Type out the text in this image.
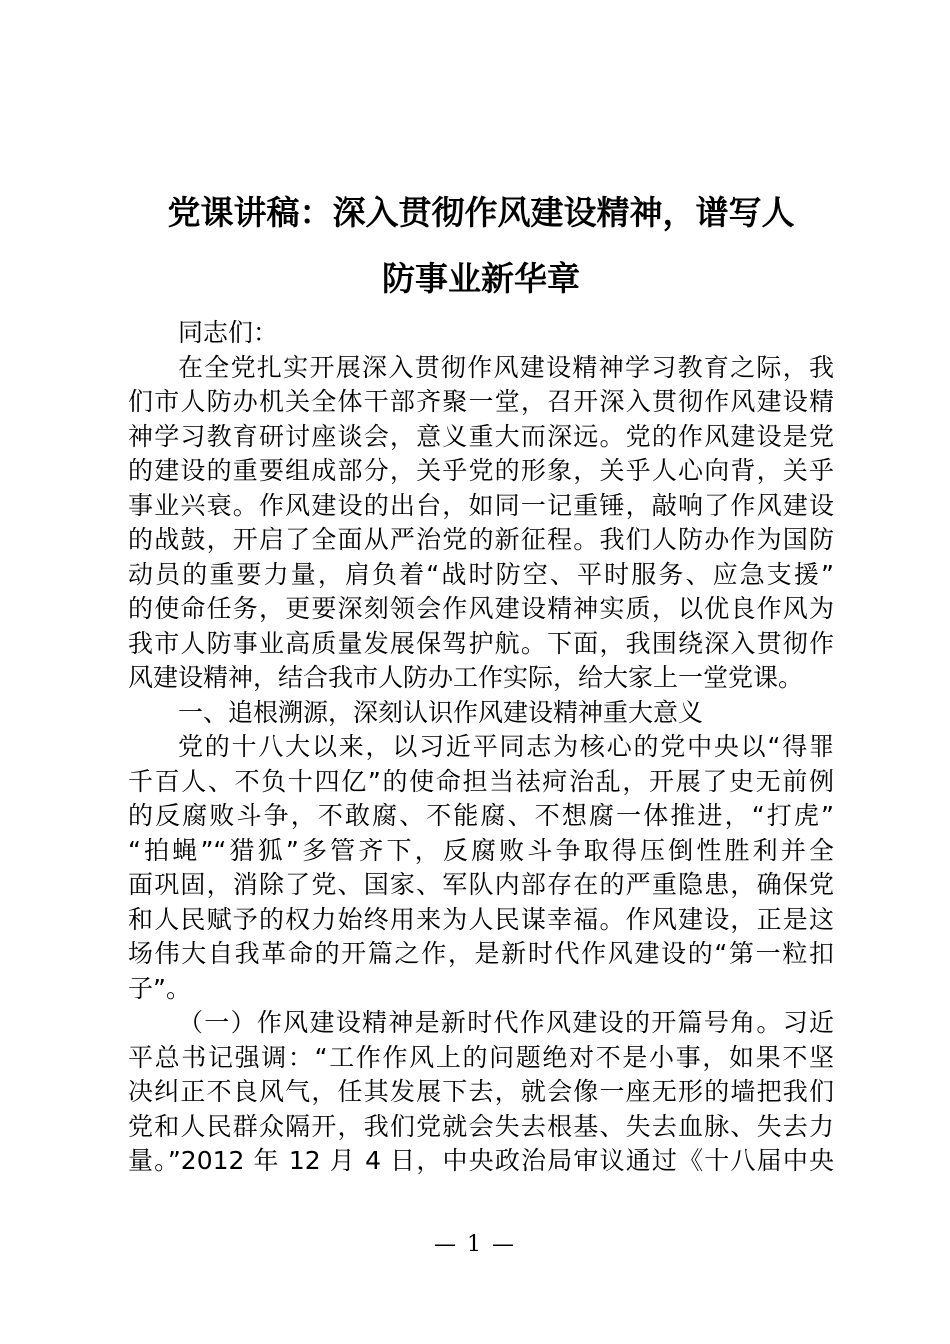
党课讲稿：深入贯彻作风建设精神，谱写人
防事业新华章
同志们：
在全党扎实开展深入贯彻作风建设精神学习教育之际，我
们市人防办机关全体干部齐聚一堂，召开深入贯彻作风建设精
神学习教育研讨座谈会，意义重大而深远。党的作风建设是党
的建设的重要组成部分，关乎党的形象，关乎人心向背，关乎
事业兴衰。作风建设的出台，如同一记重锤，敲响了作风建设
的战鼓，开启了全面从严治党的新征程。我们人防办作为国防
动员的重要力量，肩负着“战时防空、平时服务、应急支援”
的使命任务，更要深刻领会作风建设精神实质，以优良作风为
我市人防事业高质量发展保驾护航。下面，我围绕深入贯彻作
风建设精神，结合我市人防办工作实际，给大家上一堂党课。
一、追根溯源，深刻认识作风建设精神重大意义
党的十八大以来，以习近平同志为核心的党中央以“得罪
千百人、不负十四亿”的使命担当祛疴治乱，开展了史无前例
的反腐败斗争，不敢腐、不能腐、不想腐一体推进，“打虎”
“拍蝇”“猎狐”多管齐下，反腐败斗争取得压倒性胜利并全
面巩固，消除了党、国家、军队内部存在的严重隐患，确保党
和人民赋予的权力始终用来为人民谋幸福。作风建设，正是这
场伟大自我革命的开篇之作，是新时代作风建设的“第一粒扣
子”。
（一）作风建设精神是新时代作风建设的开篇号角。习近
平总书记强调：“工作作风上的问题绝对不是小事，如果不坚
决纠正不良风气，任其发展下去，就会像一座无形的墙把我们
党和人民群众隔开，我们党就会失去根基、失去血脉、失去力
量。”2012 年 12 月 4 日，中央政治局审议通过《十八届中央
— 1 —
